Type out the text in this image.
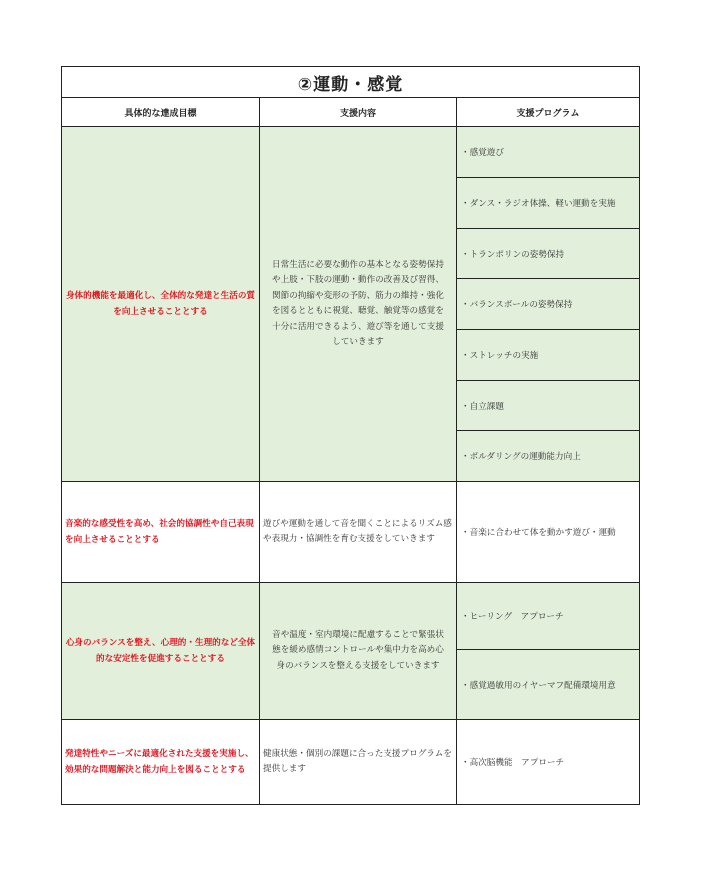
②運動・感覚		
具体的な達成目標	支援内容	支援プログラム
身体的機能を最適化し、全体的な発達と生活の質を向上させることとする	日常生活に必要な動作の基本となる姿勢保持や上肢・下肢の運動・動作の改善及び習得、関節の拘縮や変形の予防、筋力の維持・強化を図るとともに視覚、聴覚、触覚等の感覚を十分に活用できるよう、遊び等を通して支援していきます	・感覚遊び
		・ダンス・ラジオ体操、軽い運動を実施
		・トランポリンの姿勢保持
		・バランスボールの姿勢保持
		・ストレッチの実施
		・自立課題
		・ボルダリングの運動能力向上
音楽的な感受性を高め、社会的協調性や自己表現を向上させることとする	遊びや運動を通して音を聞くことによるリズム感や表現力・協調性を育む支援をしていきます	・音楽に合わせて体を動かす遊び・運動
心身のバランスを整え、心理的・生理的など全体的な安定性を促進することとする	音や温度・室内環境に配慮することで緊張状態を緩め感情コントロールや集中力を高め心身のバランスを整える支援をしていきます	・ヒーリング　アプローチ
		・感覚過敏用のイヤーマフ配備環境用意
発達特性やニーズに最適化された支援を実施し、効果的な問題解決と能力向上を図ることとする	健康状態・個別の課題に合った支援プログラムを提供します	・高次脳機能　アプローチ
